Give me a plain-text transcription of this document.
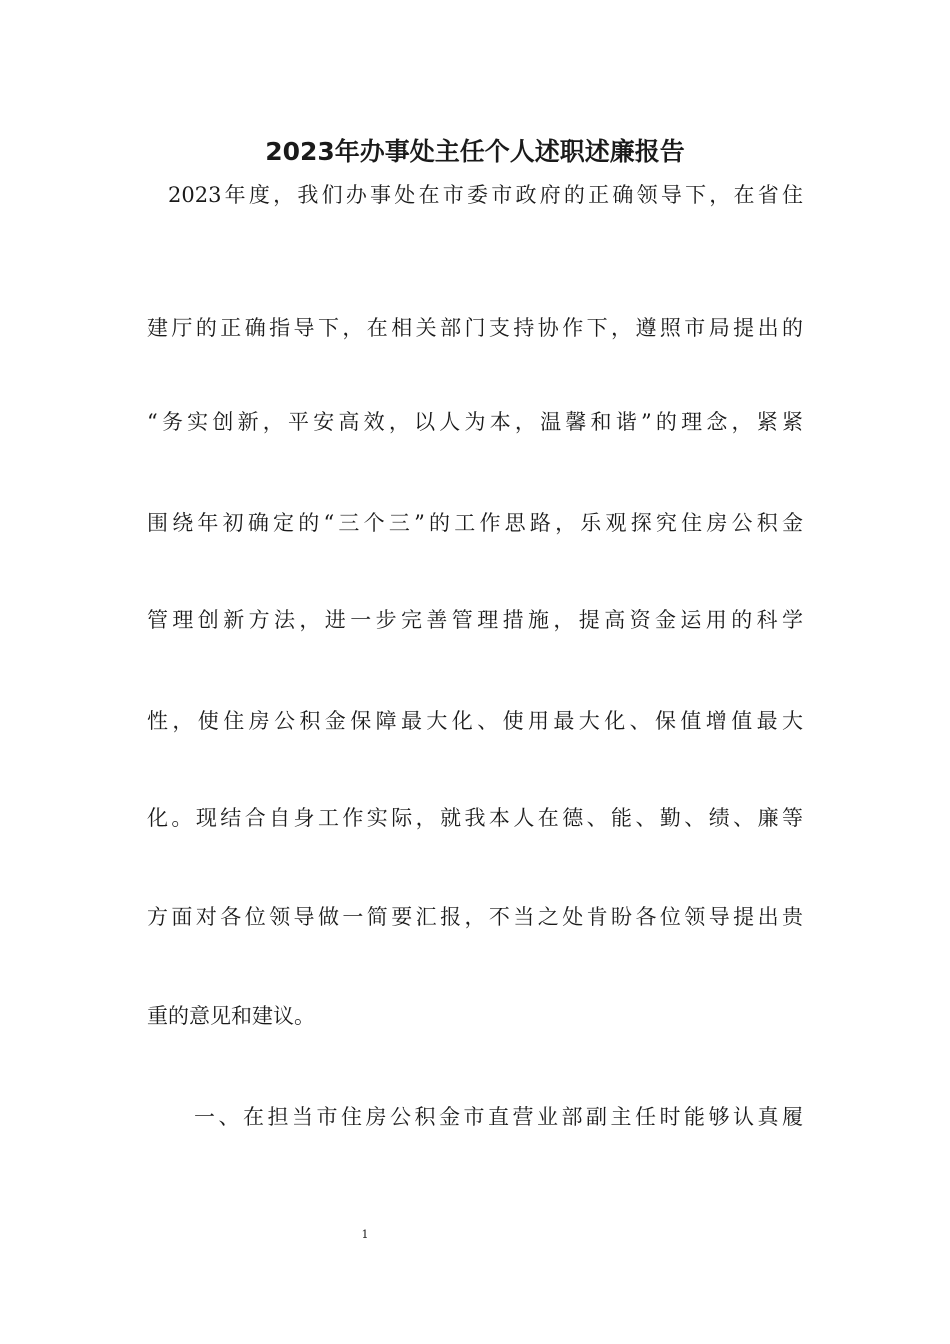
2023年办事处主任个人述职述廉报告

2023年度，我们办事处在市委市政府的正确领导下，在省住

建厅的正确指导下，在相关部门支持协作下，遵照市局提出的

“务实创新，平安高效，以人为本，温馨和谐”的理念，紧紧

围绕年初确定的“三个三”的工作思路，乐观探究住房公积金

管理创新方法，进一步完善管理措施，提高资金运用的科学

性，使住房公积金保障最大化、使用最大化、保值增值最大

化。现结合自身工作实际，就我本人在德、能、勤、绩、廉等

方面对各位领导做一简要汇报，不当之处肯盼各位领导提出贵

重的意见和建议。

一、在担当市住房公积金市直营业部副主任时能够认真履

1
